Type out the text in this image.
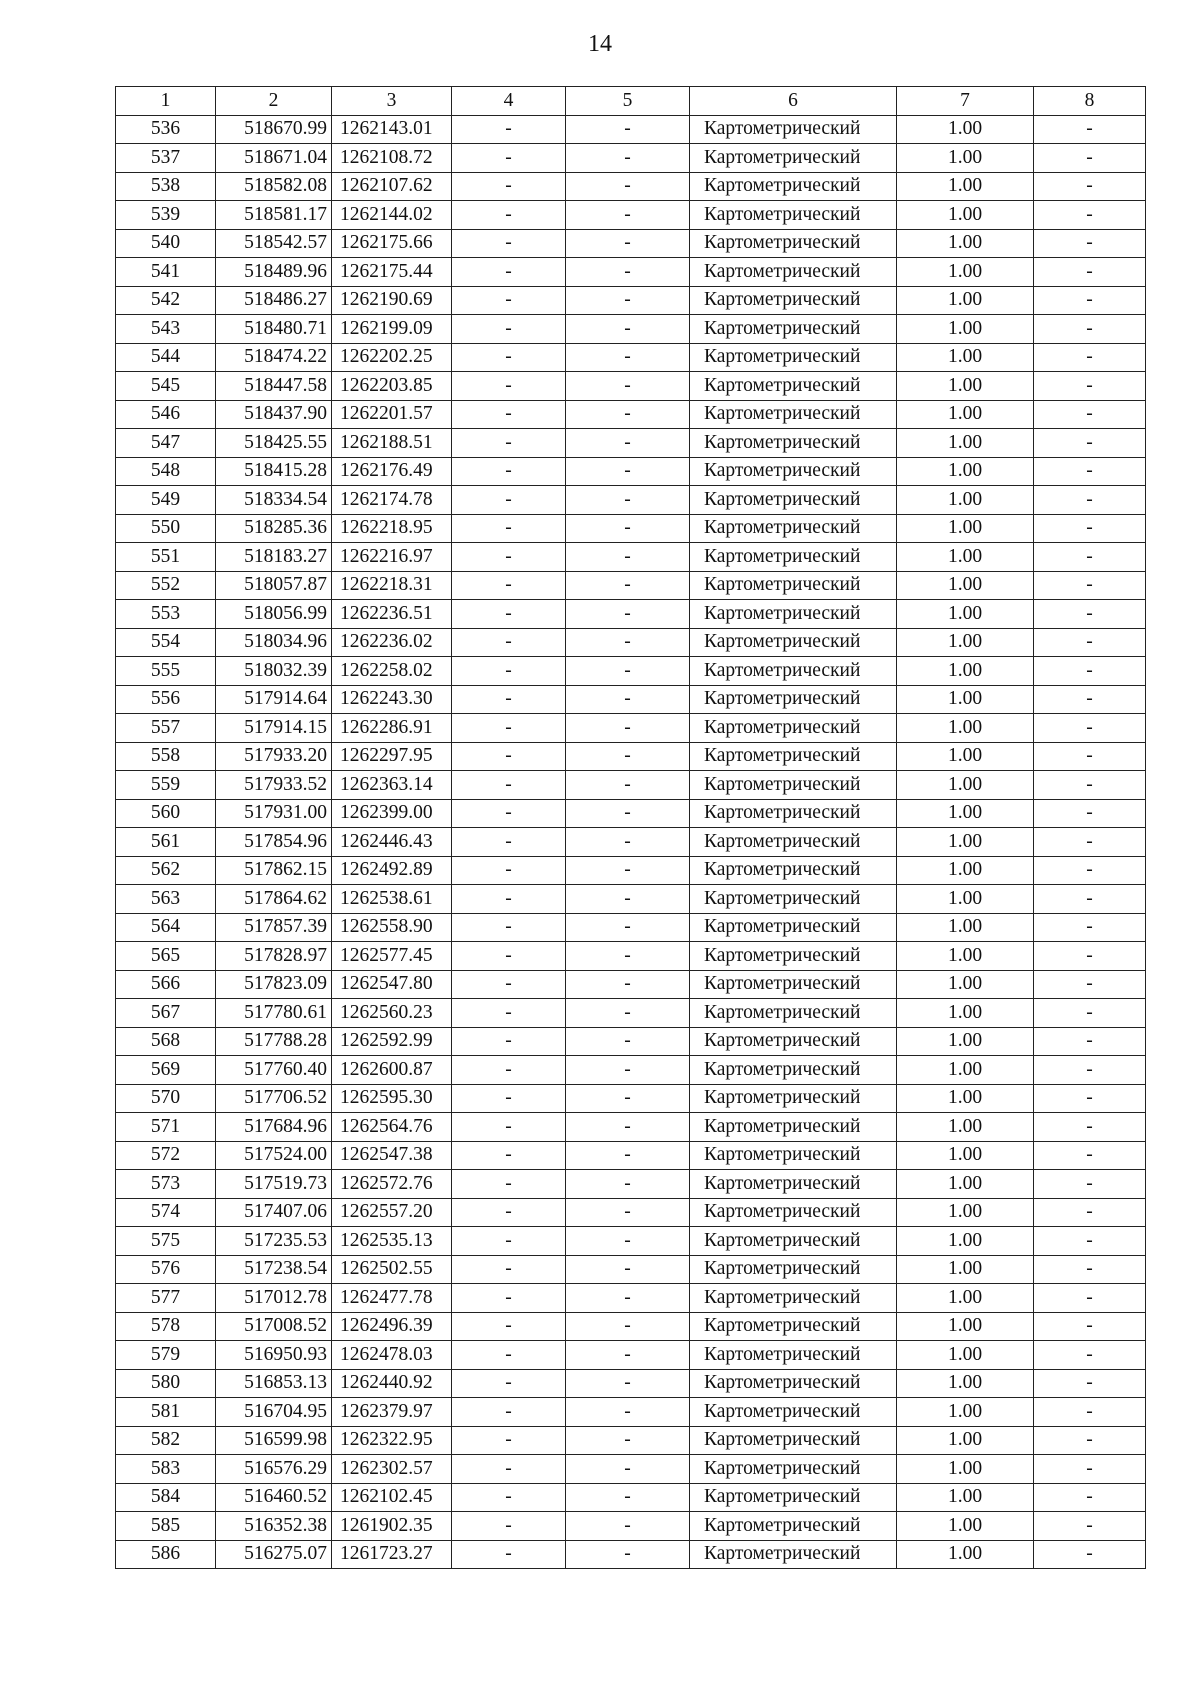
14
1	2	3	4	5	6	7	8
536	518670.99	1262143.01	-	-	Картометрический	1.00	-
537	518671.04	1262108.72	-	-	Картометрический	1.00	-
538	518582.08	1262107.62	-	-	Картометрический	1.00	-
539	518581.17	1262144.02	-	-	Картометрический	1.00	-
540	518542.57	1262175.66	-	-	Картометрический	1.00	-
541	518489.96	1262175.44	-	-	Картометрический	1.00	-
542	518486.27	1262190.69	-	-	Картометрический	1.00	-
543	518480.71	1262199.09	-	-	Картометрический	1.00	-
544	518474.22	1262202.25	-	-	Картометрический	1.00	-
545	518447.58	1262203.85	-	-	Картометрический	1.00	-
546	518437.90	1262201.57	-	-	Картометрический	1.00	-
547	518425.55	1262188.51	-	-	Картометрический	1.00	-
548	518415.28	1262176.49	-	-	Картометрический	1.00	-
549	518334.54	1262174.78	-	-	Картометрический	1.00	-
550	518285.36	1262218.95	-	-	Картометрический	1.00	-
551	518183.27	1262216.97	-	-	Картометрический	1.00	-
552	518057.87	1262218.31	-	-	Картометрический	1.00	-
553	518056.99	1262236.51	-	-	Картометрический	1.00	-
554	518034.96	1262236.02	-	-	Картометрический	1.00	-
555	518032.39	1262258.02	-	-	Картометрический	1.00	-
556	517914.64	1262243.30	-	-	Картометрический	1.00	-
557	517914.15	1262286.91	-	-	Картометрический	1.00	-
558	517933.20	1262297.95	-	-	Картометрический	1.00	-
559	517933.52	1262363.14	-	-	Картометрический	1.00	-
560	517931.00	1262399.00	-	-	Картометрический	1.00	-
561	517854.96	1262446.43	-	-	Картометрический	1.00	-
562	517862.15	1262492.89	-	-	Картометрический	1.00	-
563	517864.62	1262538.61	-	-	Картометрический	1.00	-
564	517857.39	1262558.90	-	-	Картометрический	1.00	-
565	517828.97	1262577.45	-	-	Картометрический	1.00	-
566	517823.09	1262547.80	-	-	Картометрический	1.00	-
567	517780.61	1262560.23	-	-	Картометрический	1.00	-
568	517788.28	1262592.99	-	-	Картометрический	1.00	-
569	517760.40	1262600.87	-	-	Картометрический	1.00	-
570	517706.52	1262595.30	-	-	Картометрический	1.00	-
571	517684.96	1262564.76	-	-	Картометрический	1.00	-
572	517524.00	1262547.38	-	-	Картометрический	1.00	-
573	517519.73	1262572.76	-	-	Картометрический	1.00	-
574	517407.06	1262557.20	-	-	Картометрический	1.00	-
575	517235.53	1262535.13	-	-	Картометрический	1.00	-
576	517238.54	1262502.55	-	-	Картометрический	1.00	-
577	517012.78	1262477.78	-	-	Картометрический	1.00	-
578	517008.52	1262496.39	-	-	Картометрический	1.00	-
579	516950.93	1262478.03	-	-	Картометрический	1.00	-
580	516853.13	1262440.92	-	-	Картометрический	1.00	-
581	516704.95	1262379.97	-	-	Картометрический	1.00	-
582	516599.98	1262322.95	-	-	Картометрический	1.00	-
583	516576.29	1262302.57	-	-	Картометрический	1.00	-
584	516460.52	1262102.45	-	-	Картометрический	1.00	-
585	516352.38	1261902.35	-	-	Картометрический	1.00	-
586	516275.07	1261723.27	-	-	Картометрический	1.00	-
